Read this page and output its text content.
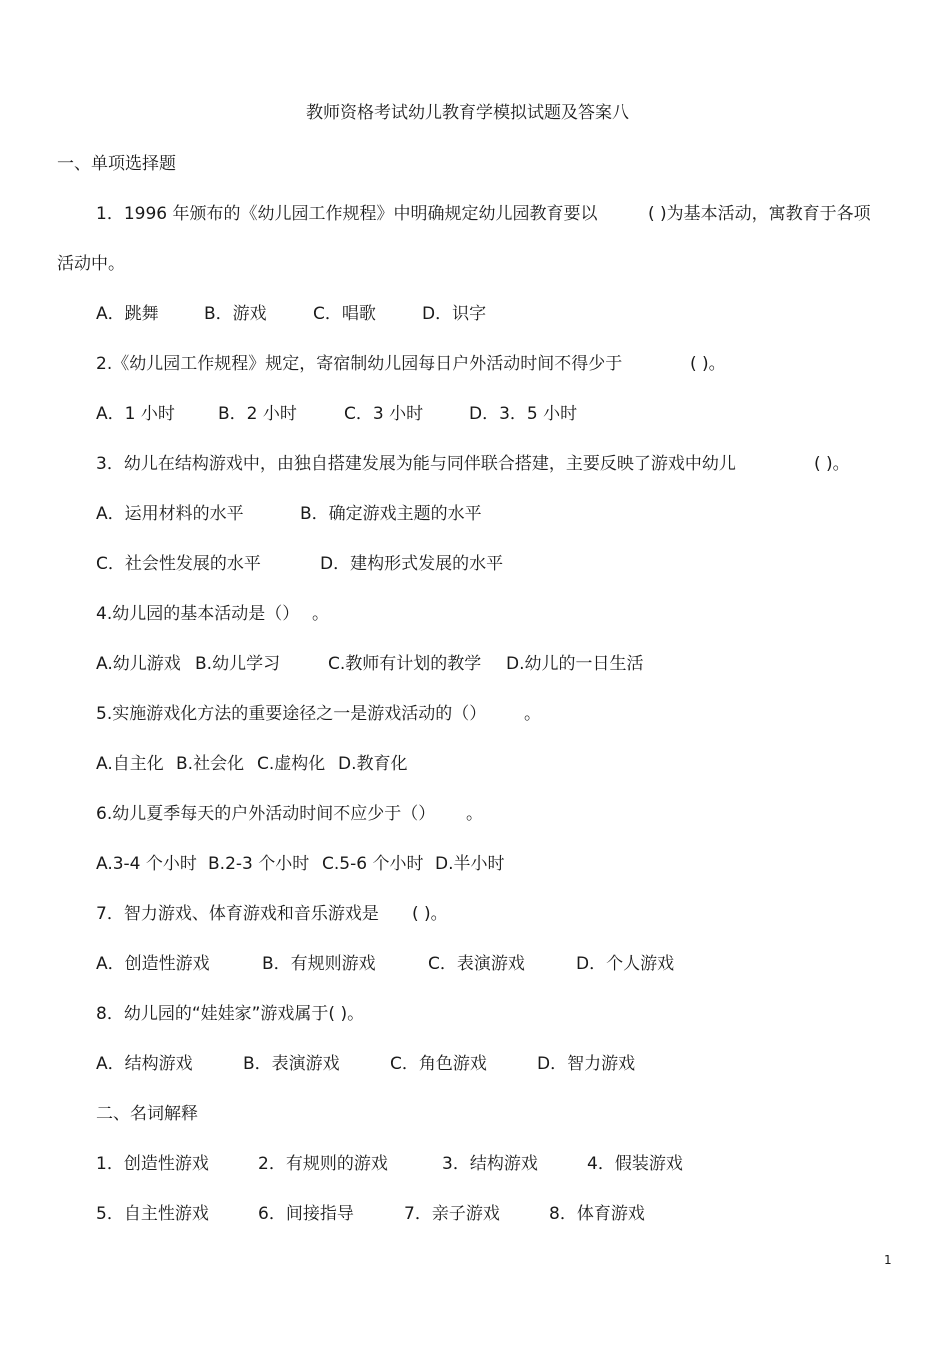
教师资格考试幼儿教育学模拟试题及答案八
一、单项选择题
1．1996 年颁布的《幼儿园工作规程》中明确规定幼儿园教育要以	( )为基本活动，寓教育于各项
活动中。
A．跳舞	B．游戏	C．唱歌	D．识字
2.《幼儿园工作规程》规定，寄宿制幼儿园每日户外活动时间不得少于	( )。
A．1 小时	B．2 小时	C．3 小时	D．3．5 小时
3．幼儿在结构游戏中，由独自搭建发展为能与同伴联合搭建，主要反映了游戏中幼儿	( )。
A．运用材料的水平	B．确定游戏主题的水平
C．社会性发展的水平	D．建构形式发展的水平
4.幼儿园的基本活动是（） 。
A.幼儿游戏 B.幼儿学习	C.教师有计划的教学 D.幼儿的一日生活
5.实施游戏化方法的重要途径之一是游戏活动的（） 。
A.自主化 B.社会化 C.虚构化 D.教育化
6.幼儿夏季每天的户外活动时间不应少于（） 。
A.3-4 个小时 B.2-3 个小时 C.5-6 个小时 D.半小时
7．智力游戏、体育游戏和音乐游戏是 ( )。
A．创造性游戏	B．有规则游戏	C．表演游戏	D．个人游戏
8．幼儿园的“娃娃家”游戏属于( )。
A．结构游戏	B．表演游戏	C．角色游戏	D．智力游戏
二、名词解释
1．创造性游戏	2．有规则的游戏	3．结构游戏	4．假装游戏
5．自主性游戏	6．间接指导	7．亲子游戏	8．体育游戏
1
